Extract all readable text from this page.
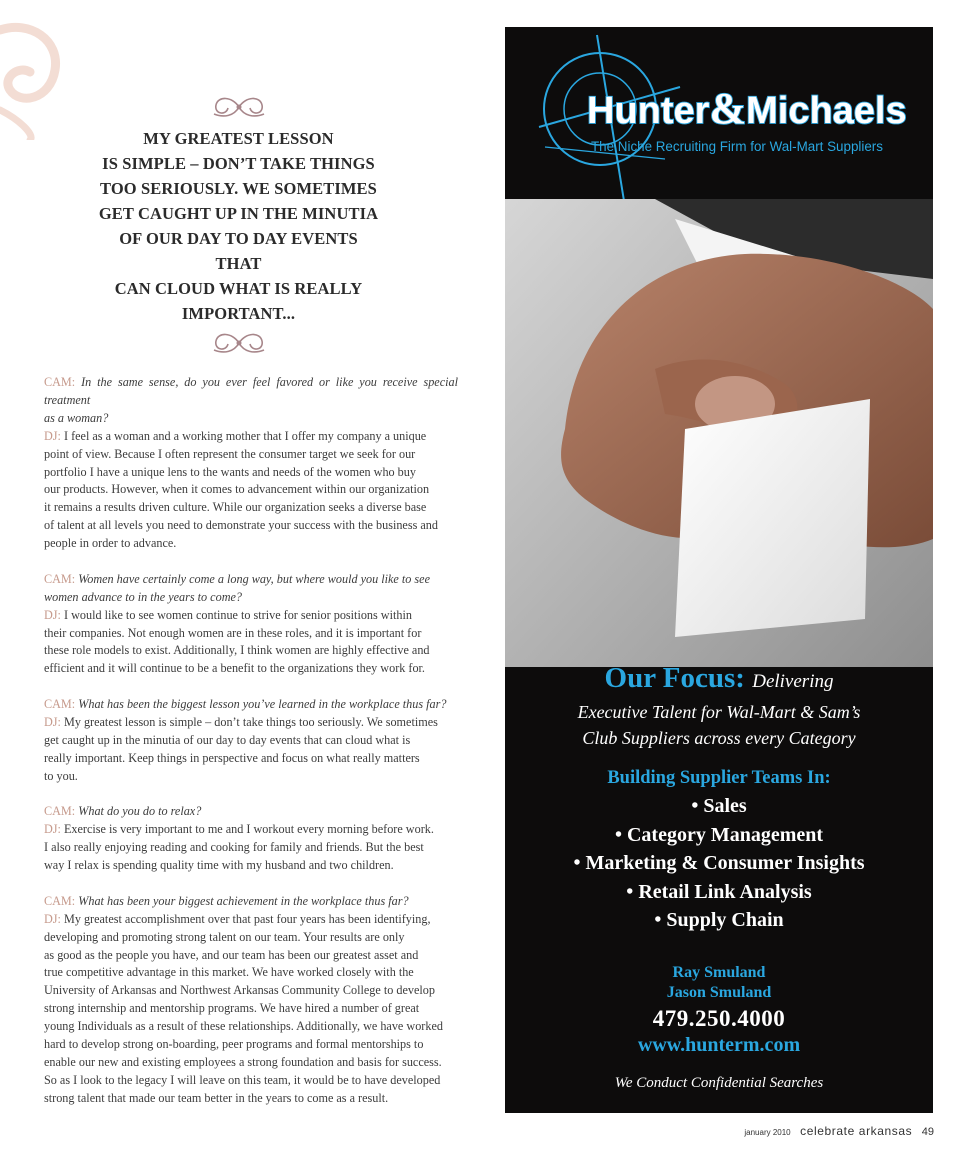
MY GREATEST LESSON
IS SIMPLE – DON’T TAKE THINGS
TOO SERIOUSLY. WE SOMETIMES
GET CAUGHT UP IN THE MINUTIA
OF OUR DAY TO DAY EVENTS THAT
CAN CLOUD WHAT IS REALLY
IMPORTANT...
CAM: In the same sense, do you ever feel favored or like you receive special treatment
as a woman?
DJ: I feel as a woman and a working mother that I offer my company a unique
point of view. Because I often represent the consumer target we seek for our
portfolio I have a unique lens to the wants and needs of the women who buy
our products. However, when it comes to advancement within our organization
it remains a results driven culture. While our organization seeks a diverse base
of talent at all levels you need to demonstrate your success with the business and
people in order to advance.
CAM: Women have certainly come a long way, but where would you like to see
women advance to in the years to come?
DJ: I would like to see women continue to strive for senior positions within
their companies. Not enough women are in these roles, and it is important for
these role models to exist. Additionally, I think women are highly effective and
efficient and it will continue to be a benefit to the organizations they work for.
CAM: What has been the biggest lesson you’ve learned in the workplace thus far?
DJ: My greatest lesson is simple – don’t take things too seriously. We sometimes
get caught up in the minutia of our day to day events that can cloud what is
really important. Keep things in perspective and focus on what really matters
to you.
CAM: What do you do to relax?
DJ: Exercise is very important to me and I workout every morning before work.
I also really enjoying reading and cooking for family and friends. But the best
way I relax is spending quality time with my husband and two children.
CAM: What has been your biggest achievement in the workplace thus far?
DJ: My greatest accomplishment over that past four years has been identifying,
developing and promoting strong talent on our team. Your results are only
as good as the people you have, and our team has been our greatest asset and
true competitive advantage in this market. We have worked closely with the
University of Arkansas and Northwest Arkansas Community College to develop
strong internship and mentorship programs. We have hired a number of great
young Individuals as a result of these relationships. Additionally, we have worked
hard to develop strong on-boarding, peer programs and formal mentorships to
enable our new and existing employees a strong foundation and basis for success.
So as I look to the legacy I will leave on this team, it would be to have developed
strong talent that made our team better in the years to come as a result.
Hunter&Michaels
The Niche Recruiting Firm for Wal-Mart Suppliers
Our Focus: Delivering
Executive Talent for Wal-Mart & Sam’s
Club Suppliers across every Category
Building Supplier Teams In:
• Sales
• Category Management
• Marketing & Consumer Insights
• Retail Link Analysis
• Supply Chain
Ray Smuland
Jason Smuland
479.250.4000
www.hunterm.com
We Conduct Confidential Searches
january 2010 celebrate arkansas 49
